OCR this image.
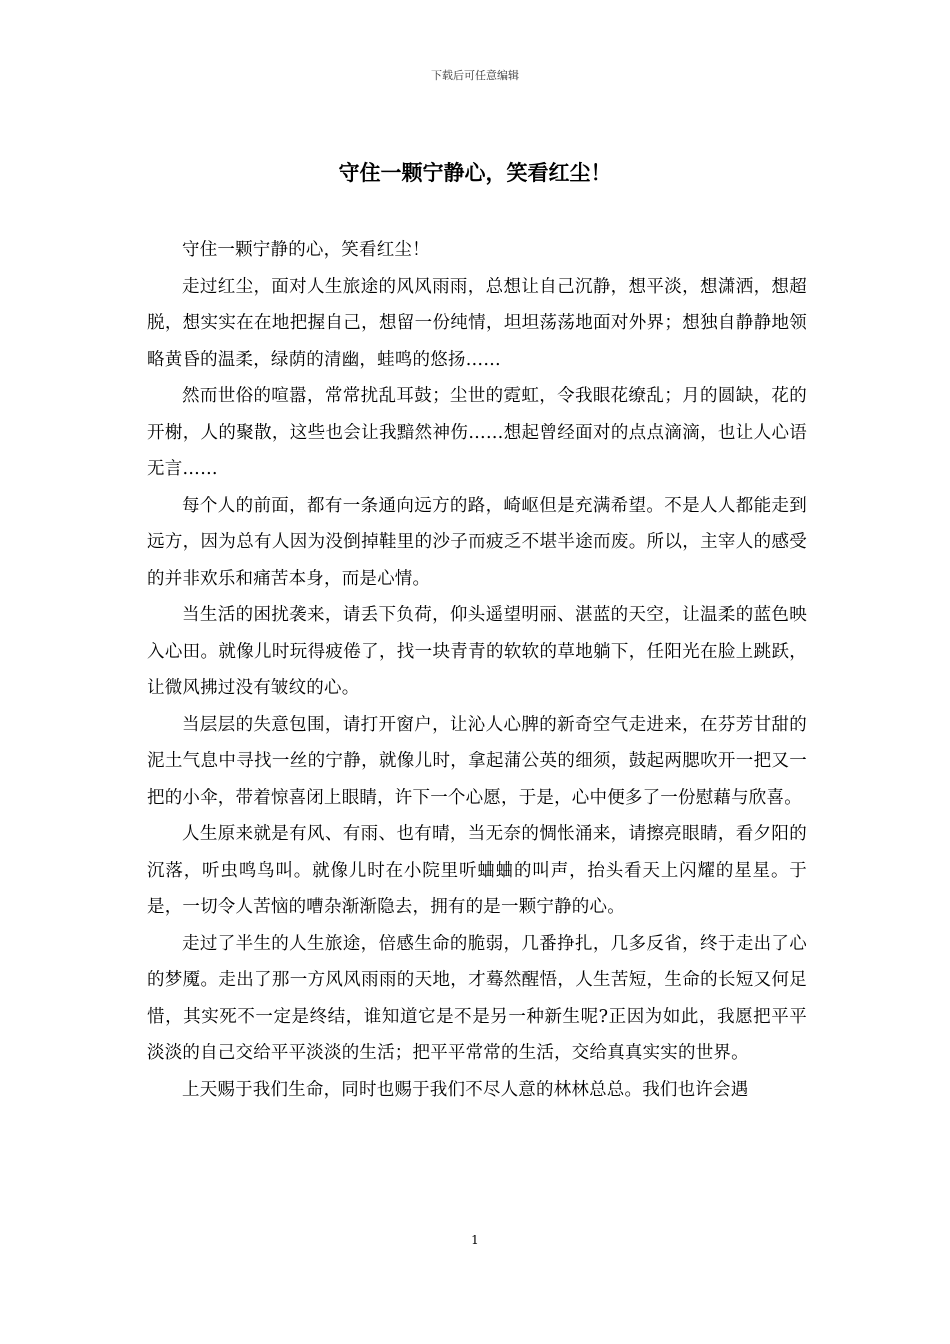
下载后可任意编辑
守住一颗宁静心，笑看红尘！

守住一颗宁静的心，笑看红尘！

走过红尘，面对人生旅途的风风雨雨，总想让自己沉静，想平淡，想潇洒，想超脱，想实实在在地把握自己，想留一份纯情，坦坦荡荡地面对外界；想独自静静地领略黄昏的温柔，绿荫的清幽，蛙鸣的悠扬……

然而世俗的喧嚣，常常扰乱耳鼓；尘世的霓虹，令我眼花缭乱；月的圆缺，花的开榭，人的聚散，这些也会让我黯然神伤……想起曾经面对的点点滴滴，也让人心语无言……

每个人的前面，都有一条通向远方的路，崎岖但是充满希望。不是人人都能走到远方，因为总有人因为没倒掉鞋里的沙子而疲乏不堪半途而废。所以，主宰人的感受的并非欢乐和痛苦本身，而是心情。

当生活的困扰袭来，请丢下负荷，仰头遥望明丽、湛蓝的天空，让温柔的蓝色映入心田。就像儿时玩得疲倦了，找一块青青的软软的草地躺下，任阳光在脸上跳跃，让微风拂过没有皱纹的心。

当层层的失意包围，请打开窗户，让沁人心脾的新奇空气走进来，在芬芳甘甜的泥土气息中寻找一丝的宁静，就像儿时，拿起蒲公英的细须，鼓起两腮吹开一把又一把的小伞，带着惊喜闭上眼睛，许下一个心愿，于是，心中便多了一份慰藉与欣喜。

人生原来就是有风、有雨、也有晴，当无奈的惆怅涌来，请擦亮眼睛，看夕阳的沉落，听虫鸣鸟叫。就像儿时在小院里听蛐蛐的叫声，抬头看天上闪耀的星星。于是，一切令人苦恼的嘈杂渐渐隐去，拥有的是一颗宁静的心。

走过了半生的人生旅途，倍感生命的脆弱，几番挣扎，几多反省，终于走出了心的梦魇。走出了那一方风风雨雨的天地，才蓦然醒悟，人生苦短，生命的长短又何足惜，其实死不一定是终结，谁知道它是不是另一种新生呢?正因为如此，我愿把平平淡淡的自己交给平平淡淡的生活；把平平常常的生活，交给真真实实的世界。

上天赐于我们生命，同时也赐于我们不尽人意的林林总总。我们也许会遇

1
